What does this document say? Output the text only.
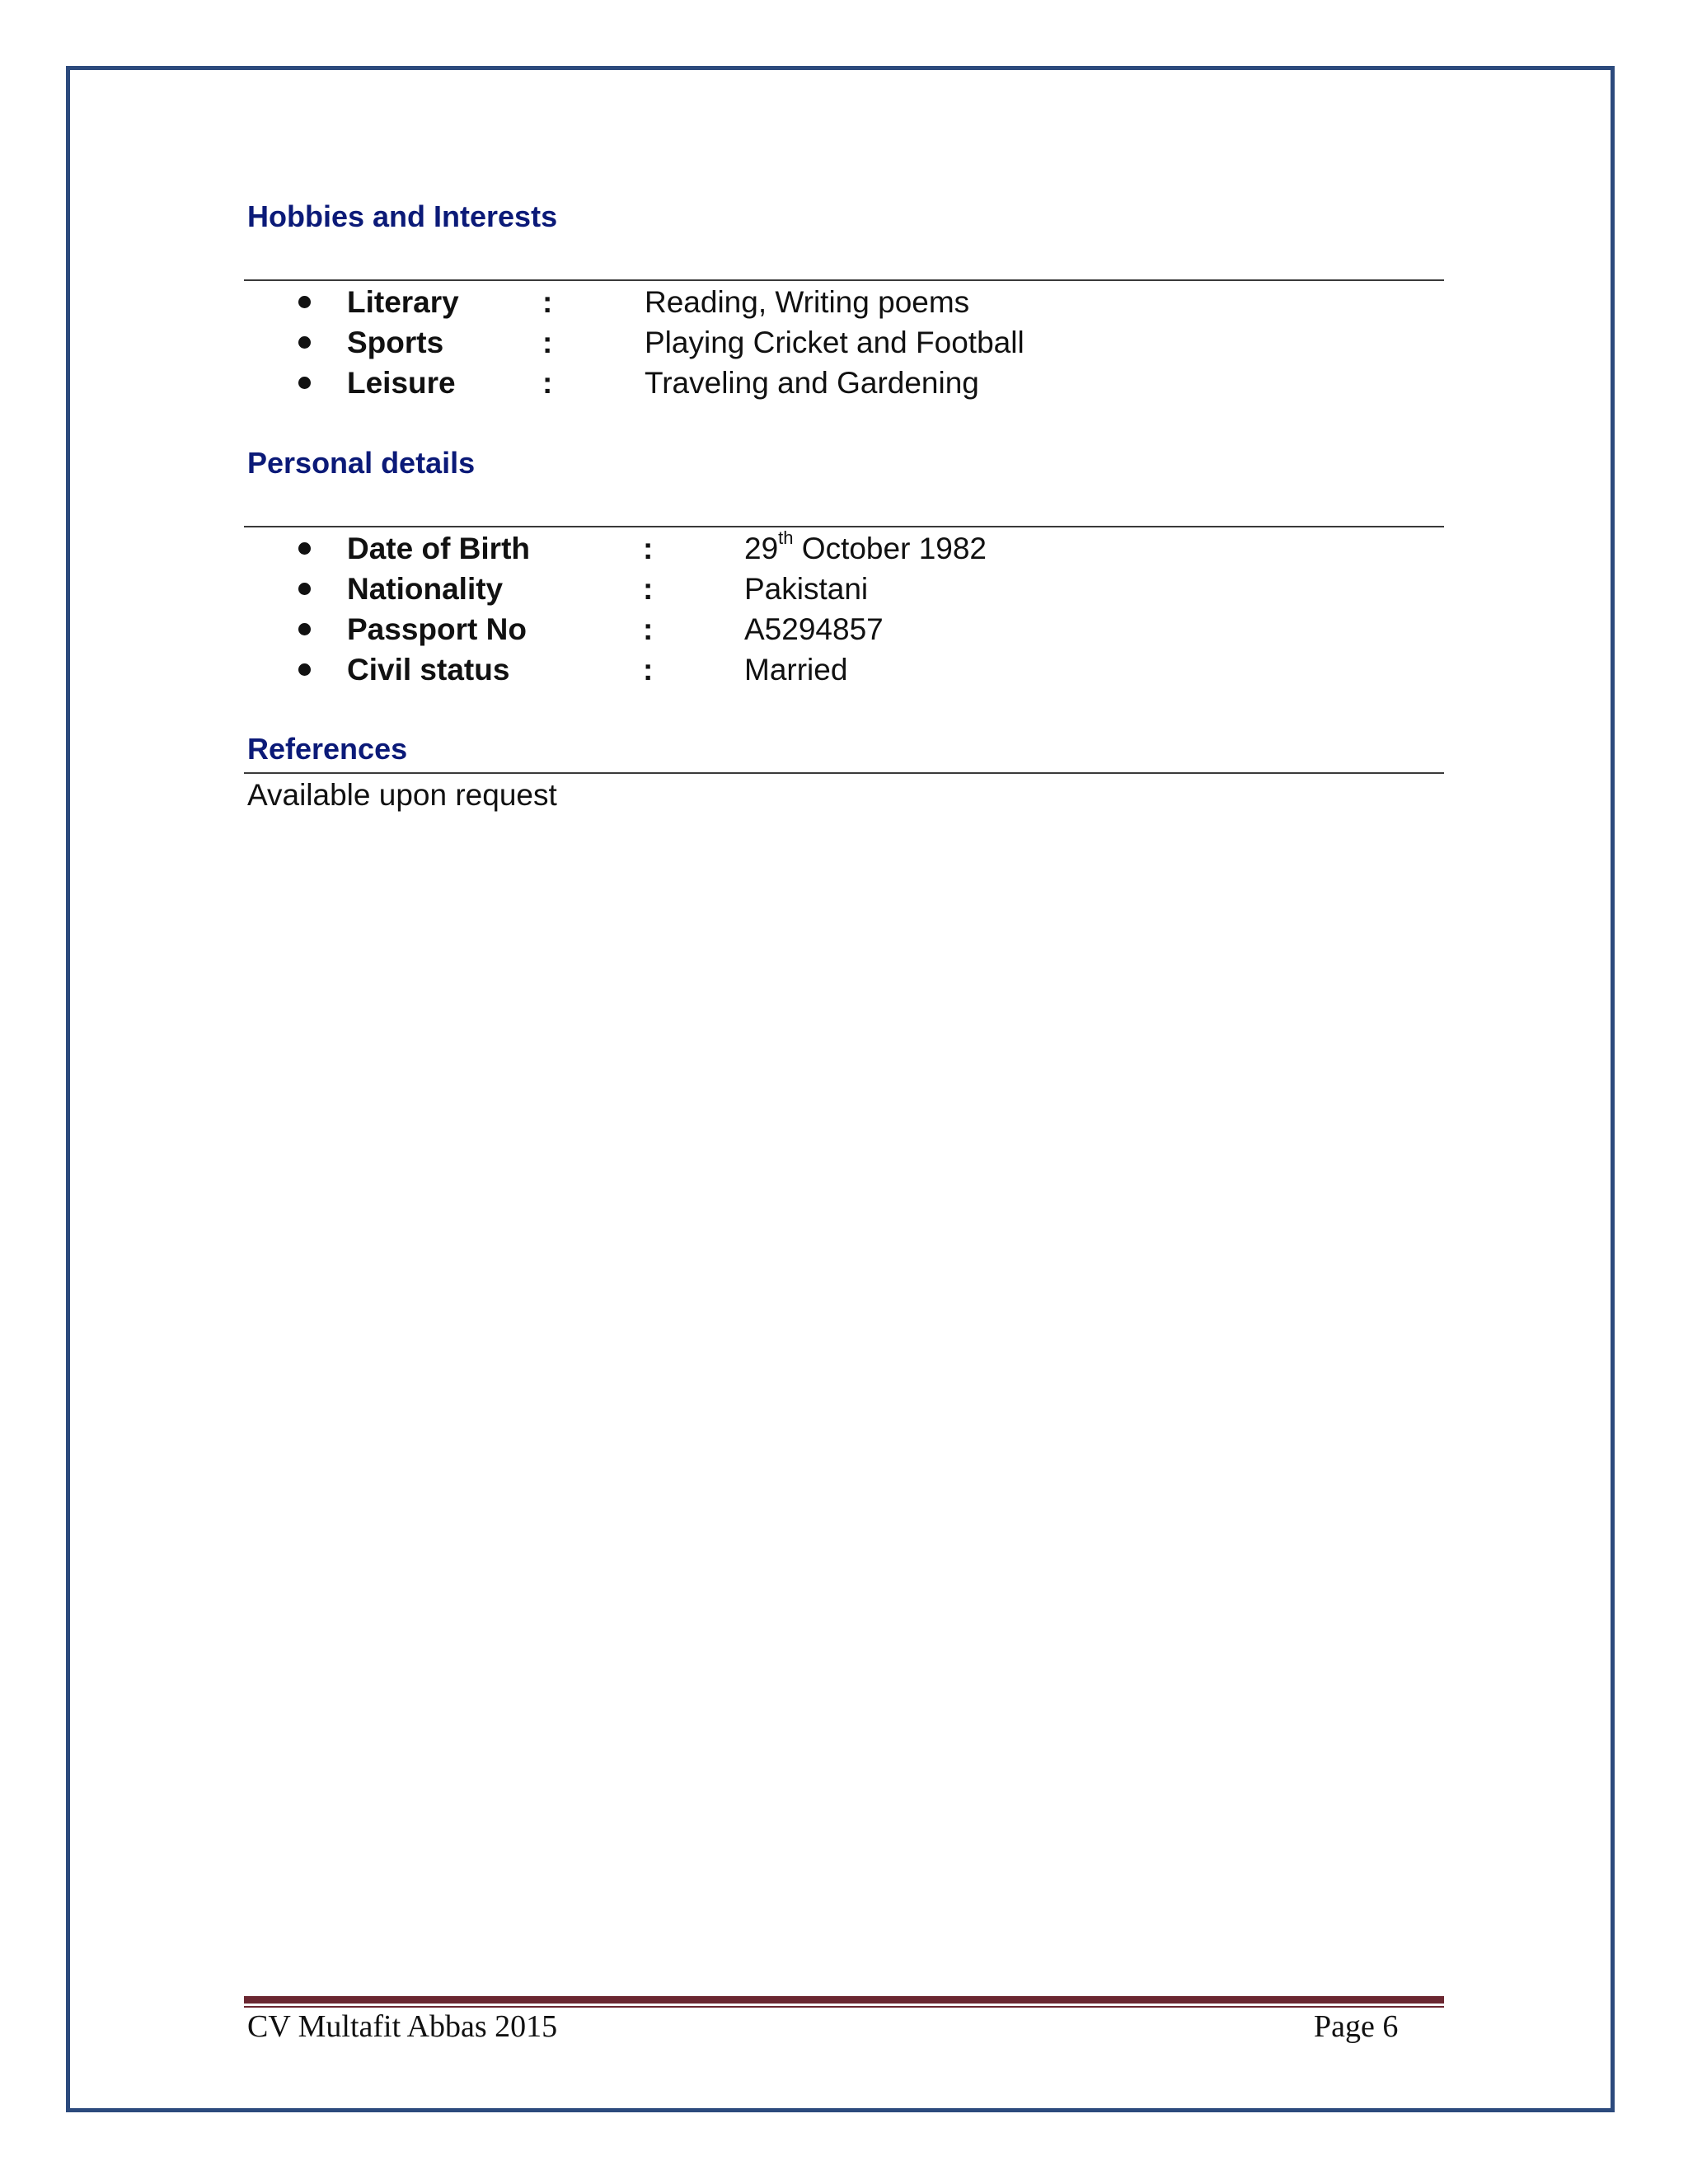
Hobbies and Interests
Literary	:	Reading, Writing poems
Sports	:	Playing Cricket and Football
Leisure	:	Traveling and Gardening
Personal details
Date of Birth	:	29th October 1982
Nationality	:	Pakistani
Passport No	:	A5294857
Civil status	:	Married
References
Available upon request
CV Multafit Abbas 2015	Page 6
